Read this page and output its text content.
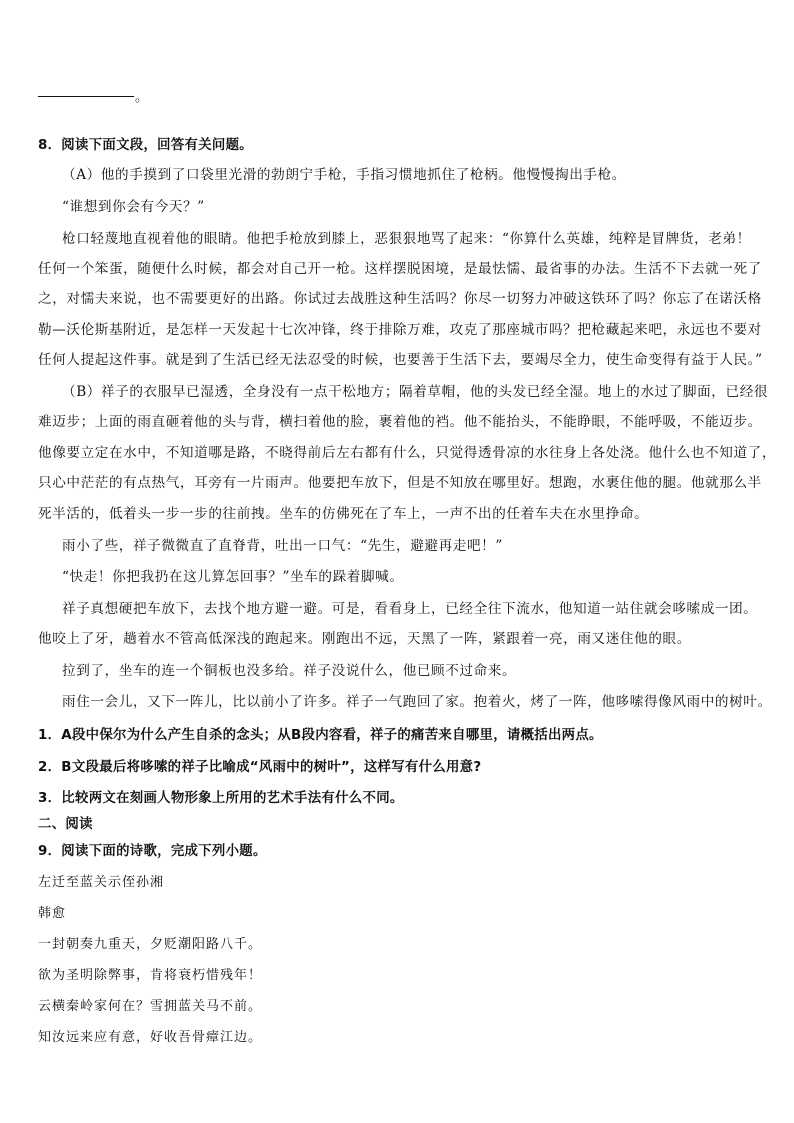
。
8．阅读下面文段，回答有关问题。
（A）他的手摸到了口袋里光滑的勃朗宁手枪，手指习惯地抓住了枪柄。他慢慢掏出手枪。
“谁想到你会有今天？”
枪口轻蔑地直视着他的眼睛。他把手枪放到膝上，恶狠狠地骂了起来：“你算什么英雄，纯粹是冒牌货，老弟！
任何一个笨蛋，随便什么时候，都会对自己开一枪。这样摆脱困境，是最怯懦、最省事的办法。生活不下去就一死了
之，对懦夫来说，也不需要更好的出路。你试过去战胜这种生活吗？你尽一切努力冲破这铁环了吗？你忘了在诺沃格
勒—沃伦斯基附近，是怎样一天发起十七次冲锋，终于排除万难，攻克了那座城市吗？把枪藏起来吧，永远也不要对
任何人提起这件事。就是到了生活已经无法忍受的时候，也要善于生活下去，要竭尽全力，使生命变得有益于人民。”
（B）祥子的衣服早已湿透，全身没有一点干松地方；隔着草帽，他的头发已经全湿。地上的水过了脚面，已经很
难迈步；上面的雨直砸着他的头与背，横扫着他的脸，裹着他的裆。他不能抬头，不能睁眼，不能呼吸，不能迈步。
他像要立定在水中，不知道哪是路，不晓得前后左右都有什么，只觉得透骨凉的水往身上各处浇。他什么也不知道了，
只心中茫茫的有点热气，耳旁有一片雨声。他要把车放下，但是不知放在哪里好。想跑，水裹住他的腿。他就那么半
死半活的，低着头一步一步的往前拽。坐车的仿佛死在了车上，一声不出的任着车夫在水里挣命。
雨小了些，祥子微微直了直脊背，吐出一口气：“先生，避避再走吧！”
“快走！你把我扔在这儿算怎回事？”坐车的跺着脚喊。
祥子真想硬把车放下，去找个地方避一避。可是，看看身上，已经全往下流水，他知道一站住就会哆嗦成一团。
他咬上了牙，趟着水不管高低深浅的跑起来。刚跑出不远，天黑了一阵，紧跟着一亮，雨又迷住他的眼。
拉到了，坐车的连一个铜板也没多给。祥子没说什么，他已顾不过命来。
雨住一会儿，又下一阵儿，比以前小了许多。祥子一气跑回了家。抱着火，烤了一阵，他哆嗦得像风雨中的树叶。
1．A段中保尔为什么产生自杀的念头；从B段内容看，祥子的痛苦来自哪里，请概括出两点。
2．B文段最后将哆嗦的祥子比喻成“风雨中的树叶”，这样写有什么用意?
3．比较两文在刻画人物形象上所用的艺术手法有什么不同。
二、阅读
9．阅读下面的诗歌，完成下列小题。
左迁至蓝关示侄孙湘
韩愈
一封朝奏九重天，夕贬潮阳路八千。
欲为圣明除弊事，肯将衰朽惜残年！
云横秦岭家何在？雪拥蓝关马不前。
知汝远来应有意，好收吾骨瘴江边。
